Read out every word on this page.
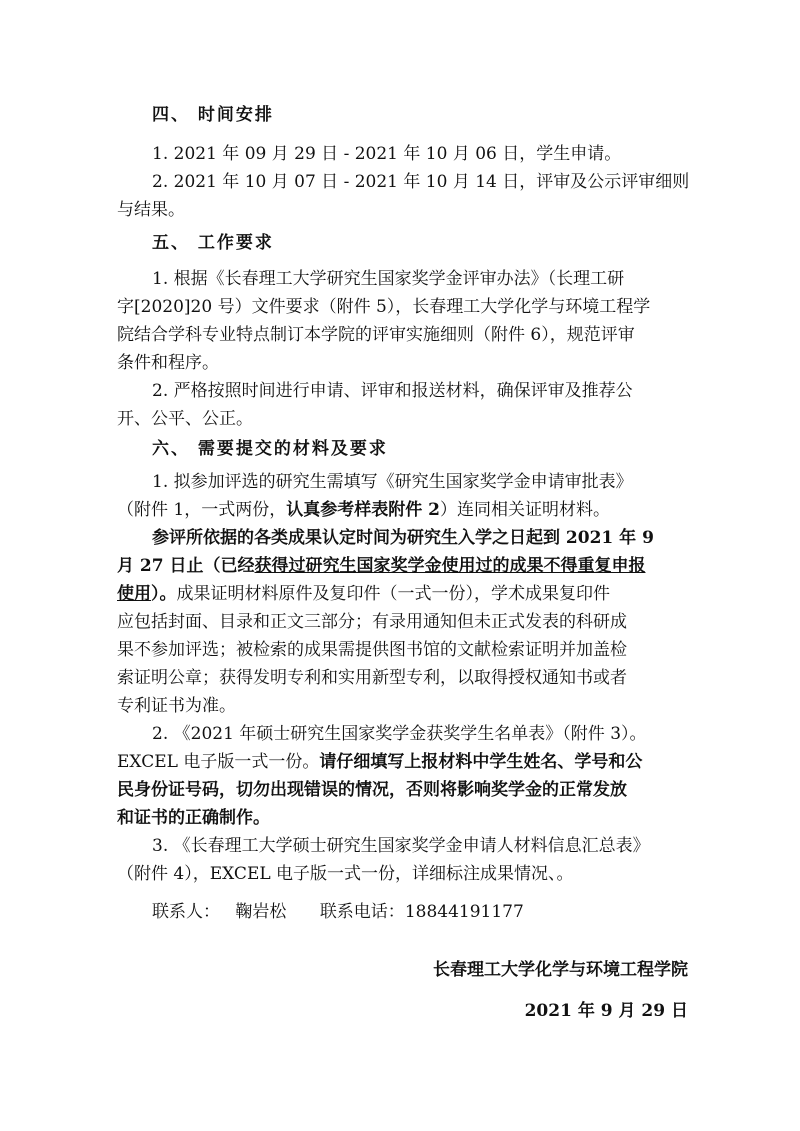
四、 时间安排
1. 2021 年 09 月 29 日 - 2021 年 10 月 06 日，学生申请。
2. 2021 年 10 月 07 日 - 2021 年 10 月 14 日，评审及公示评审细则
与结果。
五、 工作要求
1. 根据《长春理工大学研究生国家奖学金评审办法》（长理工研
字[2020]20 号）文件要求（附件 5），长春理工大学化学与环境工程学
院结合学科专业特点制订本学院的评审实施细则（附件 6），规范评审
条件和程序。
2. 严格按照时间进行申请、评审和报送材料，确保评审及推荐公
开、公平、公正。
六、 需要提交的材料及要求
1. 拟参加评选的研究生需填写《研究生国家奖学金申请审批表》
（附件 1，一式两份，认真参考样表附件 2）连同相关证明材料。
参评所依据的各类成果认定时间为研究生入学之日起到 2021 年 9
月 27 日止（已经获得过研究生国家奖学金使用过的成果不得重复申报
使用）。成果证明材料原件及复印件（一式一份），学术成果复印件
应包括封面、目录和正文三部分；有录用通知但未正式发表的科研成
果不参加评选；被检索的成果需提供图书馆的文献检索证明并加盖检
索证明公章；获得发明专利和实用新型专利，以取得授权通知书或者
专利证书为准。
2. 《2021 年硕士研究生国家奖学金获奖学生名单表》（附件 3）。
EXCEL 电子版一式一份。请仔细填写上报材料中学生姓名、学号和公
民身份证号码，切勿出现错误的情况，否则将影响奖学金的正常发放
和证书的正确制作。
3. 《长春理工大学硕士研究生国家奖学金申请人材料信息汇总表》
（附件 4），EXCEL 电子版一式一份，详细标注成果情况、。
联系人： 鞠岩松 联系电话：18844191177
长春理工大学化学与环境工程学院
2021 年 9 月 29 日
